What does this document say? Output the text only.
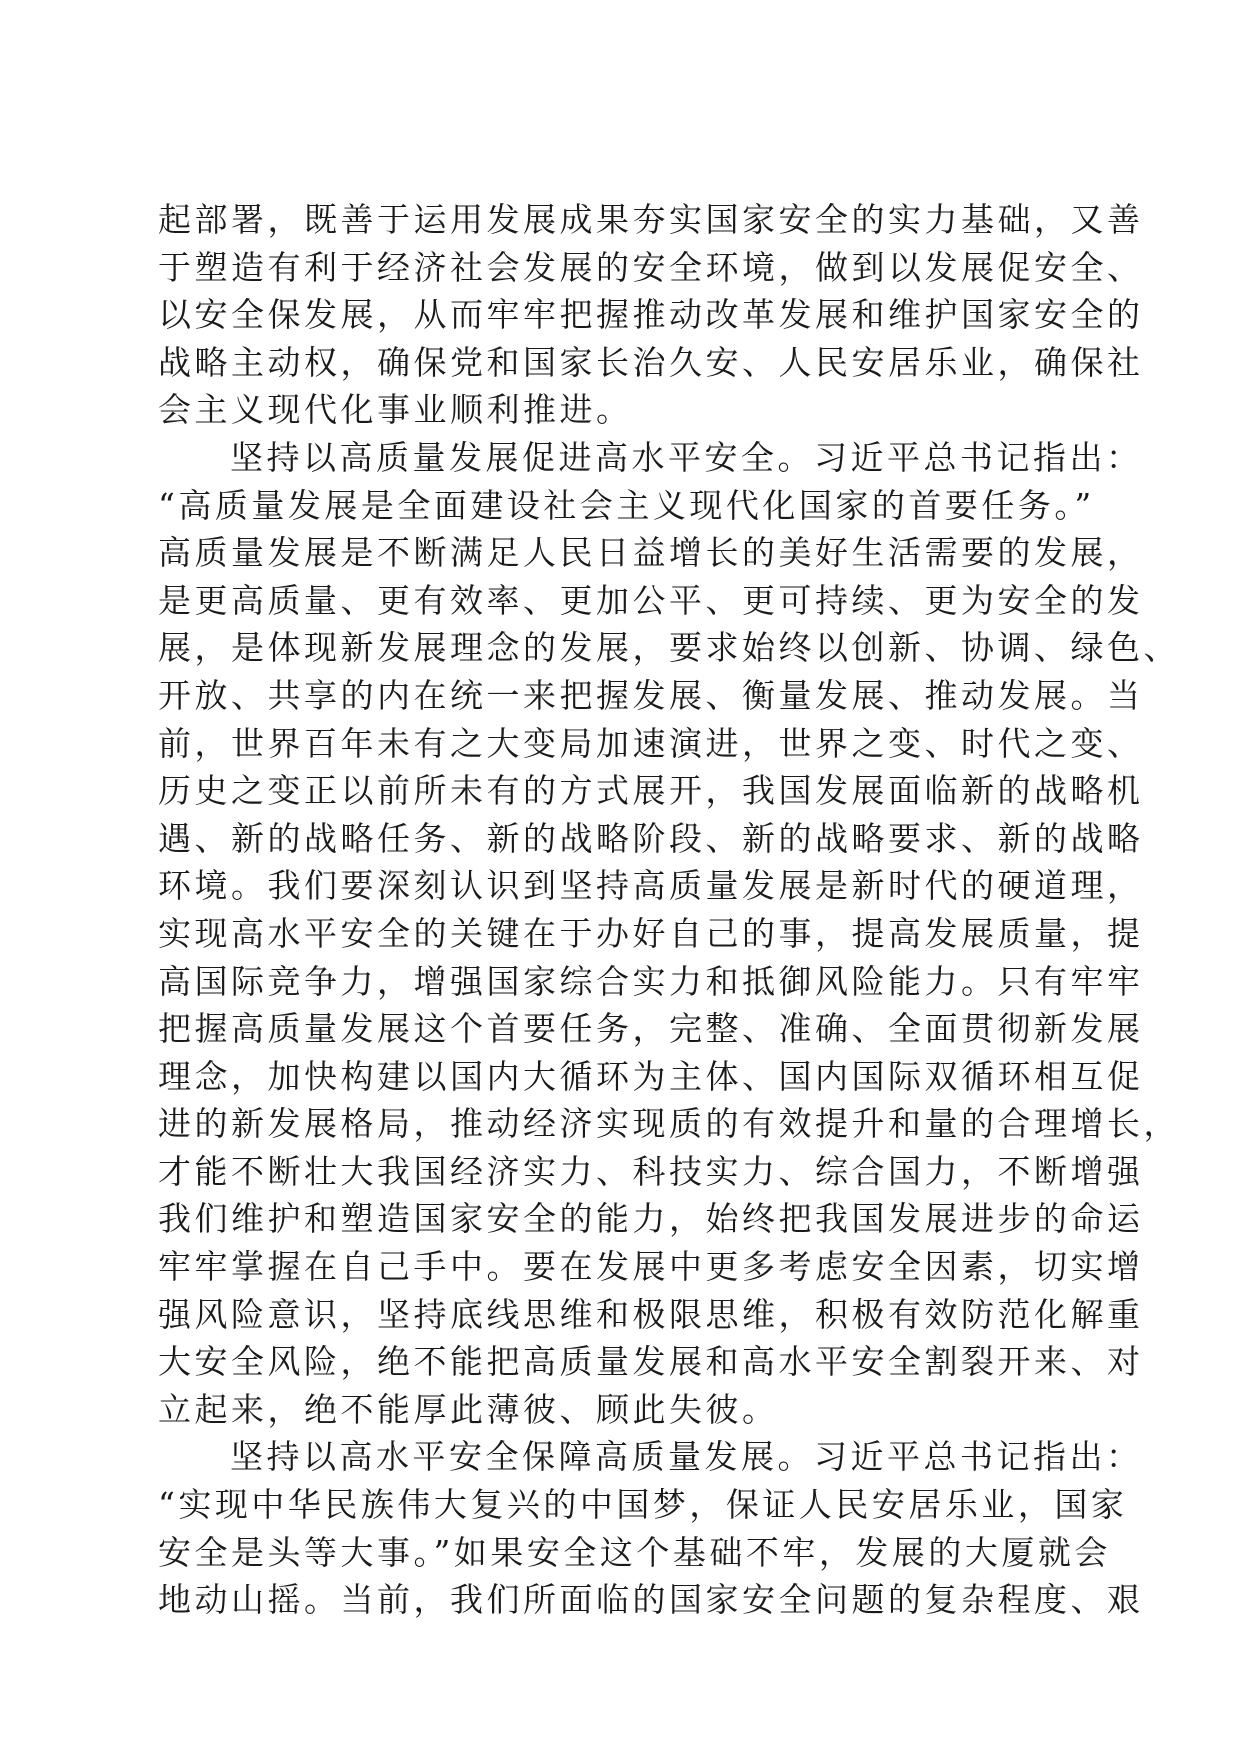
起部署，既善于运用发展成果夯实国家安全的实力基础，又善
于塑造有利于经济社会发展的安全环境，做到以发展促安全、
以安全保发展，从而牢牢把握推动改革发展和维护国家安全的
战略主动权，确保党和国家长治久安、人民安居乐业，确保社
会主义现代化事业顺利推进。
坚持以高质量发展促进高水平安全。习近平总书记指出：
“高质量发展是全面建设社会主义现代化国家的首要任务。”
高质量发展是不断满足人民日益增长的美好生活需要的发展，
是更高质量、更有效率、更加公平、更可持续、更为安全的发
展，是体现新发展理念的发展，要求始终以创新、协调、绿色、
开放、共享的内在统一来把握发展、衡量发展、推动发展。当
前，世界百年未有之大变局加速演进，世界之变、时代之变、
历史之变正以前所未有的方式展开，我国发展面临新的战略机
遇、新的战略任务、新的战略阶段、新的战略要求、新的战略
环境。我们要深刻认识到坚持高质量发展是新时代的硬道理，
实现高水平安全的关键在于办好自己的事，提高发展质量，提
高国际竞争力，增强国家综合实力和抵御风险能力。只有牢牢
把握高质量发展这个首要任务，完整、准确、全面贯彻新发展
理念，加快构建以国内大循环为主体、国内国际双循环相互促
进的新发展格局，推动经济实现质的有效提升和量的合理增长，
才能不断壮大我国经济实力、科技实力、综合国力，不断增强
我们维护和塑造国家安全的能力，始终把我国发展进步的命运
牢牢掌握在自己手中。要在发展中更多考虑安全因素，切实增
强风险意识，坚持底线思维和极限思维，积极有效防范化解重
大安全风险，绝不能把高质量发展和高水平安全割裂开来、对
立起来，绝不能厚此薄彼、顾此失彼。
坚持以高水平安全保障高质量发展。习近平总书记指出：
“实现中华民族伟大复兴的中国梦，保证人民安居乐业，国家
安全是头等大事。”如果安全这个基础不牢，发展的大厦就会
地动山摇。当前，我们所面临的国家安全问题的复杂程度、艰
